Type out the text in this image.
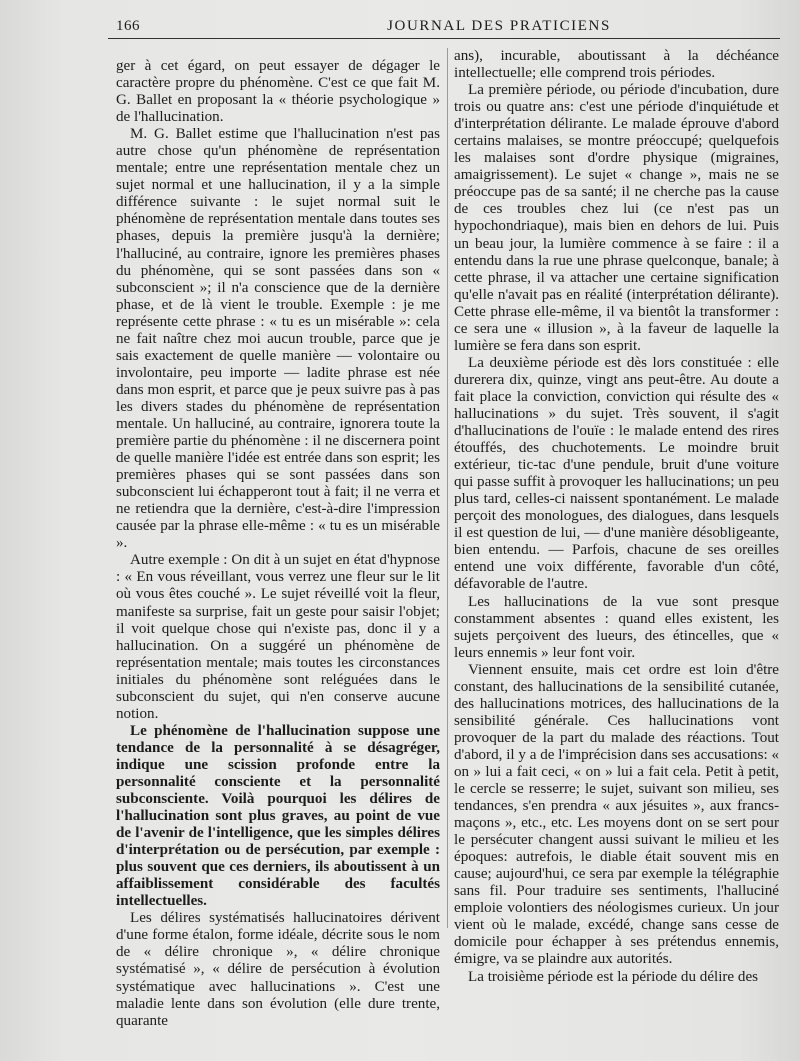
166	JOURNAL DES PRATICIENS

ger à cet égard, on peut essayer de dégager le caractère propre du phénomène. C'est ce que fait M. G. Ballet en proposant la « théorie psychologique » de l'hallucination.

M. G. Ballet estime que l'hallucination n'est pas autre chose qu'un phénomène de représentation mentale; entre une représentation mentale chez un sujet normal et une hallucination, il y a la simple différence suivante : le sujet normal suit le phénomène de représentation mentale dans toutes ses phases, depuis la première jusqu'à la dernière; l'halluciné, au contraire, ignore les premières phases du phénomène, qui se sont passées dans son « subconscient »; il n'a conscience que de la dernière phase, et de là vient le trouble. Exemple : je me représente cette phrase : « tu es un misérable »: cela ne fait naître chez moi aucun trouble, parce que je sais exactement de quelle manière — volontaire ou involontaire, peu importe — ladite phrase est née dans mon esprit, et parce que je peux suivre pas à pas les divers stades du phénomène de représentation mentale. Un halluciné, au contraire, ignorera toute la première partie du phénomène : il ne discernera point de quelle manière l'idée est entrée dans son esprit; les premières phases qui se sont passées dans son subconscient lui échapperont tout à fait; il ne verra et ne retiendra que la dernière, c'est-à-dire l'impression causée par la phrase elle-même : « tu es un misérable ».

Autre exemple : On dit à un sujet en état d'hypnose : « En vous réveillant, vous verrez une fleur sur le lit où vous êtes couché ». Le sujet réveillé voit la fleur, manifeste sa surprise, fait un geste pour saisir l'objet; il voit quelque chose qui n'existe pas, donc il y a hallucination. On a suggéré un phénomène de représentation mentale; mais toutes les circonstances initiales du phénomène sont reléguées dans le subconscient du sujet, qui n'en conserve aucune notion.

Le phénomène de l'hallucination suppose une tendance de la personnalité à se désagréger, indique une scission profonde entre la personnalité consciente et la personnalité subconsciente. Voilà pourquoi les délires de l'hallucination sont plus graves, au point de vue de l'avenir de l'intelligence, que les simples délires d'interprétation ou de persécution, par exemple : plus souvent que ces derniers, ils aboutissent à un affaiblissement considérable des facultés intellectuelles.

Les délires systématisés hallucinatoires dérivent d'une forme étalon, forme idéale, décrite sous le nom de « délire chronique », « délire chronique systématisé », « délire de persécution à évolution systématique avec hallucinations ». C'est une maladie lente dans son évolution (elle dure trente, quarante

ans), incurable, aboutissant à la déchéance intellectuelle; elle comprend trois périodes.

La première période, ou période d'incubation, dure trois ou quatre ans: c'est une période d'inquiétude et d'interprétation délirante. Le malade éprouve d'abord certains malaises, se montre préoccupé; quelquefois les malaises sont d'ordre physique (migraines, amaigrissement). Le sujet « change », mais ne se préoccupe pas de sa santé; il ne cherche pas la cause de ces troubles chez lui (ce n'est pas un hypochondriaque), mais bien en dehors de lui. Puis un beau jour, la lumière commence à se faire : il a entendu dans la rue une phrase quelconque, banale; à cette phrase, il va attacher une certaine signification qu'elle n'avait pas en réalité (interprétation délirante). Cette phrase elle-même, il va bientôt la transformer : ce sera une « illusion », à la faveur de laquelle la lumière se fera dans son esprit.

La deuxième période est dès lors constituée : elle durerera dix, quinze, vingt ans peut-être. Au doute a fait place la conviction, conviction qui résulte des « hallucinations » du sujet. Très souvent, il s'agit d'hallucinations de l'ouïe : le malade entend des rires étouffés, des chuchotements. Le moindre bruit extérieur, tic-tac d'une pendule, bruit d'une voiture qui passe suffit à provoquer les hallucinations; un peu plus tard, celles-ci naissent spontanément. Le malade perçoit des monologues, des dialogues, dans lesquels il est question de lui, — d'une manière désobligeante, bien entendu. — Parfois, chacune de ses oreilles entend une voix différente, favorable d'un côté, défavorable de l'autre.

Les hallucinations de la vue sont presque constamment absentes : quand elles existent, les sujets perçoivent des lueurs, des étincelles, que « leurs ennemis » leur font voir.

Viennent ensuite, mais cet ordre est loin d'être constant, des hallucinations de la sensibilité cutanée, des hallucinations motrices, des hallucinations de la sensibilité générale. Ces hallucinations vont provoquer de la part du malade des réactions. Tout d'abord, il y a de l'imprécision dans ses accusations: « on » lui a fait ceci, « on » lui a fait cela. Petit à petit, le cercle se resserre; le sujet, suivant son milieu, ses tendances, s'en prendra « aux jésuites », aux francs-maçons », etc., etc. Les moyens dont on se sert pour le persécuter changent aussi suivant le milieu et les époques: autrefois, le diable était souvent mis en cause; aujourd'hui, ce sera par exemple la télégraphie sans fil. Pour traduire ses sentiments, l'halluciné emploie volontiers des néologismes curieux. Un jour vient où le malade, excédé, change sans cesse de domicile pour échapper à ses prétendus ennemis, émigre, va se plaindre aux autorités.

La troisième période est la période du délire des
